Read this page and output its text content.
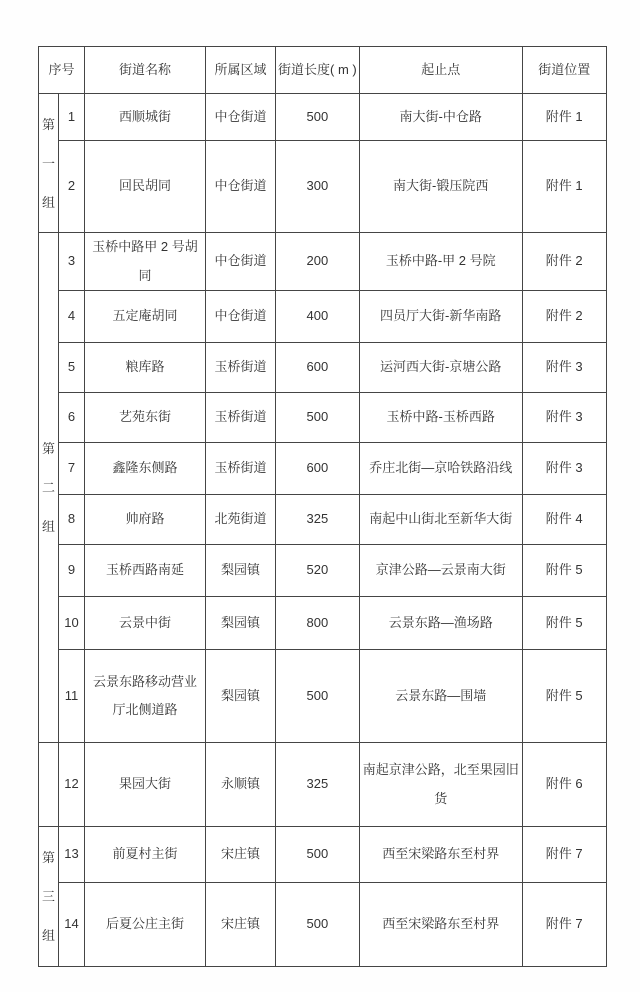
序号		街道名称	所属区域	街道长度( m )	起止点	街道位置

第一组	1	西顺城街	中仓街道	500	南大街-中仓路	附件 1
	2	回民胡同	中仓街道	300	南大街-锻压院西	附件 1

第二组	3	玉桥中路甲 2 号胡同	中仓街道	200	玉桥中路-甲 2 号院	附件 2
	4	五定庵胡同	中仓街道	400	四员厅大街-新华南路	附件 2
	5	粮库路	玉桥街道	600	运河西大街-京塘公路	附件 3
	6	艺苑东街	玉桥街道	500	玉桥中路-玉桥西路	附件 3
	7	鑫隆东侧路	玉桥街道	600	乔庄北街—京哈铁路沿线	附件 3
	8	帅府路	北苑街道	325	南起中山街北至新华大街	附件 4
	9	玉桥西路南延	梨园镇	520	京津公路—云景南大街	附件 5
	10	云景中街	梨园镇	800	云景东路—渔场路	附件 5
	11	云景东路移动营业厅北侧道路	梨园镇	500	云景东路—围墙	附件 5
	12	果园大街	永顺镇	325	南起京津公路，北至果园旧货	附件 6

第三组	13	前夏村主街	宋庄镇	500	西至宋梁路东至村界	附件 7
	14	后夏公庄主街	宋庄镇	500	西至宋梁路东至村界	附件 7
